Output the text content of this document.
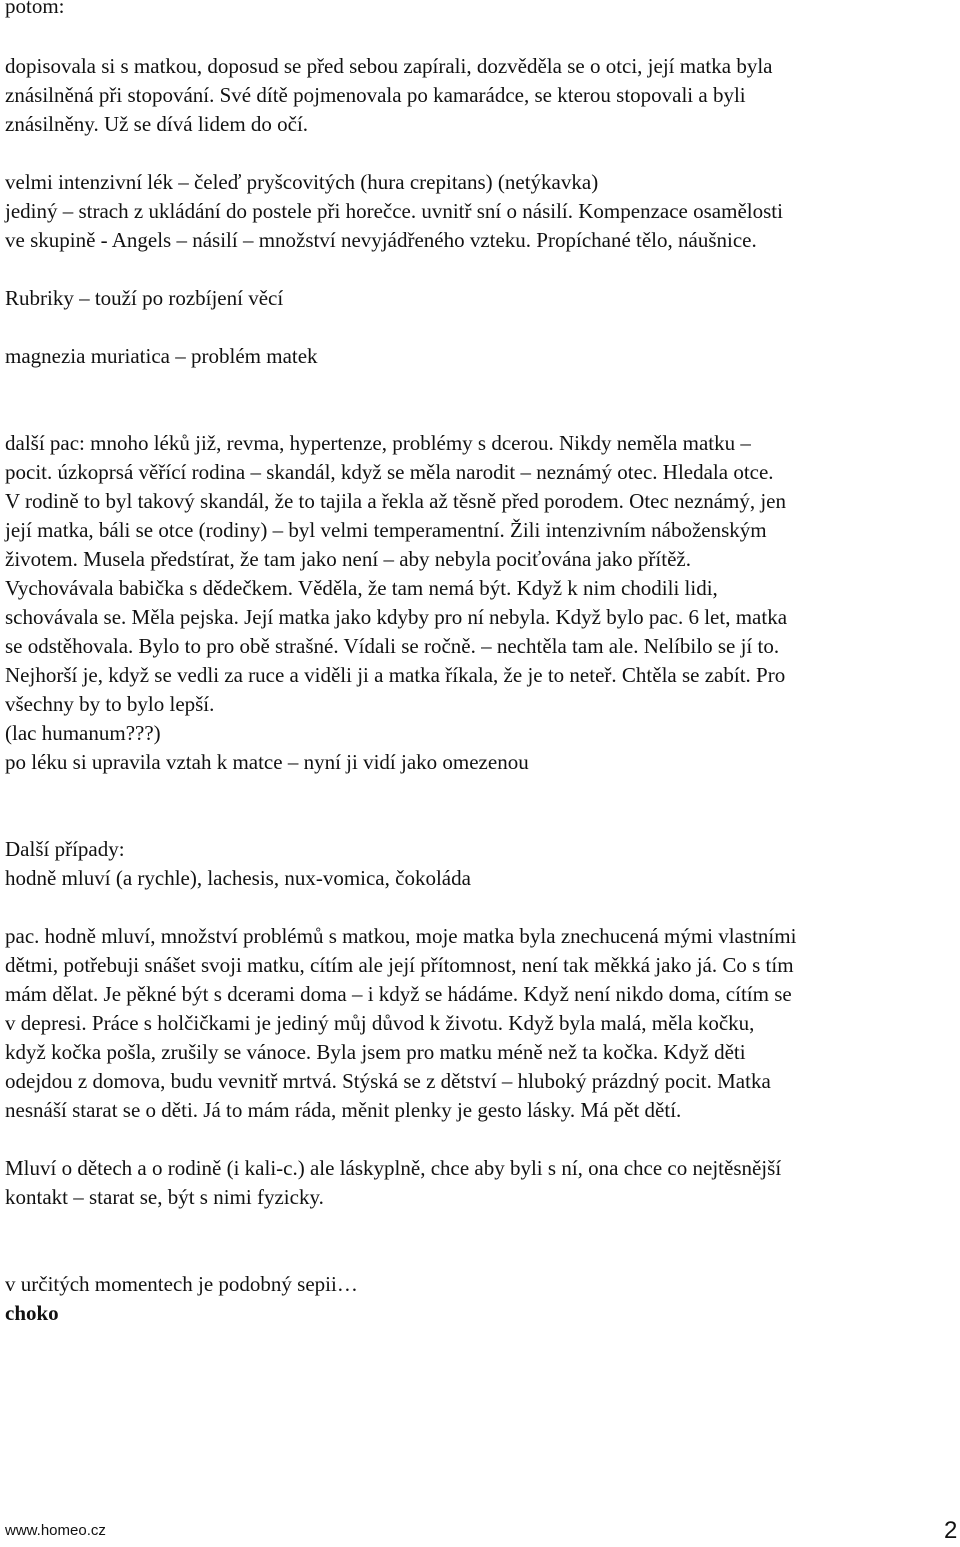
potom:
dopisovala si s matkou, doposud se před sebou zapírali, dozvěděla se o otci, její matka byla
znásilněná při stopování. Své dítě pojmenovala po kamarádce, se kterou stopovali a byli
znásilněny. Už se dívá lidem do očí.
velmi intenzivní lék – čeleď pryšcovitých (hura crepitans) (netýkavka)
jediný – strach z ukládání do postele při horečce. uvnitř sní o násilí. Kompenzace osamělosti
ve skupině - Angels – násilí – množství nevyjádřeného vzteku. Propíchané tělo, náušnice.
Rubriky – touží po rozbíjení věcí
magnezia muriatica – problém matek
další pac: mnoho léků již, revma, hypertenze, problémy s dcerou. Nikdy neměla matku –
pocit. úzkoprsá věřící rodina – skandál, když se měla narodit – neznámý otec. Hledala otce.
V rodině to byl takový skandál, že to tajila a řekla až těsně před porodem. Otec neznámý, jen
její matka, báli se otce (rodiny) – byl velmi temperamentní. Žili intenzivním náboženským
životem. Musela předstírat, že tam jako není – aby nebyla pociťována jako přítěž.
Vychovávala babička s dědečkem. Věděla, že tam nemá být. Když k nim chodili lidi,
schovávala se. Měla pejska. Její matka jako kdyby pro ní nebyla. Když bylo pac. 6 let, matka
se odstěhovala. Bylo to pro obě strašné. Vídali se ročně. – nechtěla tam ale. Nelíbilo se jí to.
Nejhorší je, když se vedli za ruce a viděli ji a matka říkala, že je to neteř. Chtěla se zabít. Pro
všechny by to bylo lepší.
(lac humanum???)
po léku si upravila vztah k matce – nyní ji vidí jako omezenou
Další případy:
hodně mluví (a rychle), lachesis, nux-vomica, čokoláda
pac. hodně mluví, množství problémů s matkou, moje matka byla znechucená mými vlastními
dětmi, potřebuji snášet svoji matku, cítím ale její přítomnost, není tak měkká jako já. Co s tím
mám dělat. Je pěkné být s dcerami doma – i když se hádáme. Když není nikdo doma, cítím se
v depresi. Práce s holčičkami je jediný můj důvod k životu. Když byla malá, měla kočku,
když kočka pošla, zrušily se vánoce. Byla jsem pro matku méně než ta kočka. Když děti
odejdou z domova, budu vevnitř mrtvá. Stýská se z dětství – hluboký prázdný pocit. Matka
nesnáší starat se o děti. Já to mám ráda, měnit plenky je gesto lásky. Má pět dětí.
Mluví o dětech a o rodině (i kali-c.) ale láskyplně, chce aby byli s ní, ona chce co nejtěsnější
kontakt – starat se, být s nimi fyzicky.
v určitých momentech je podobný sepii…
choko
www.homeo.cz	2
